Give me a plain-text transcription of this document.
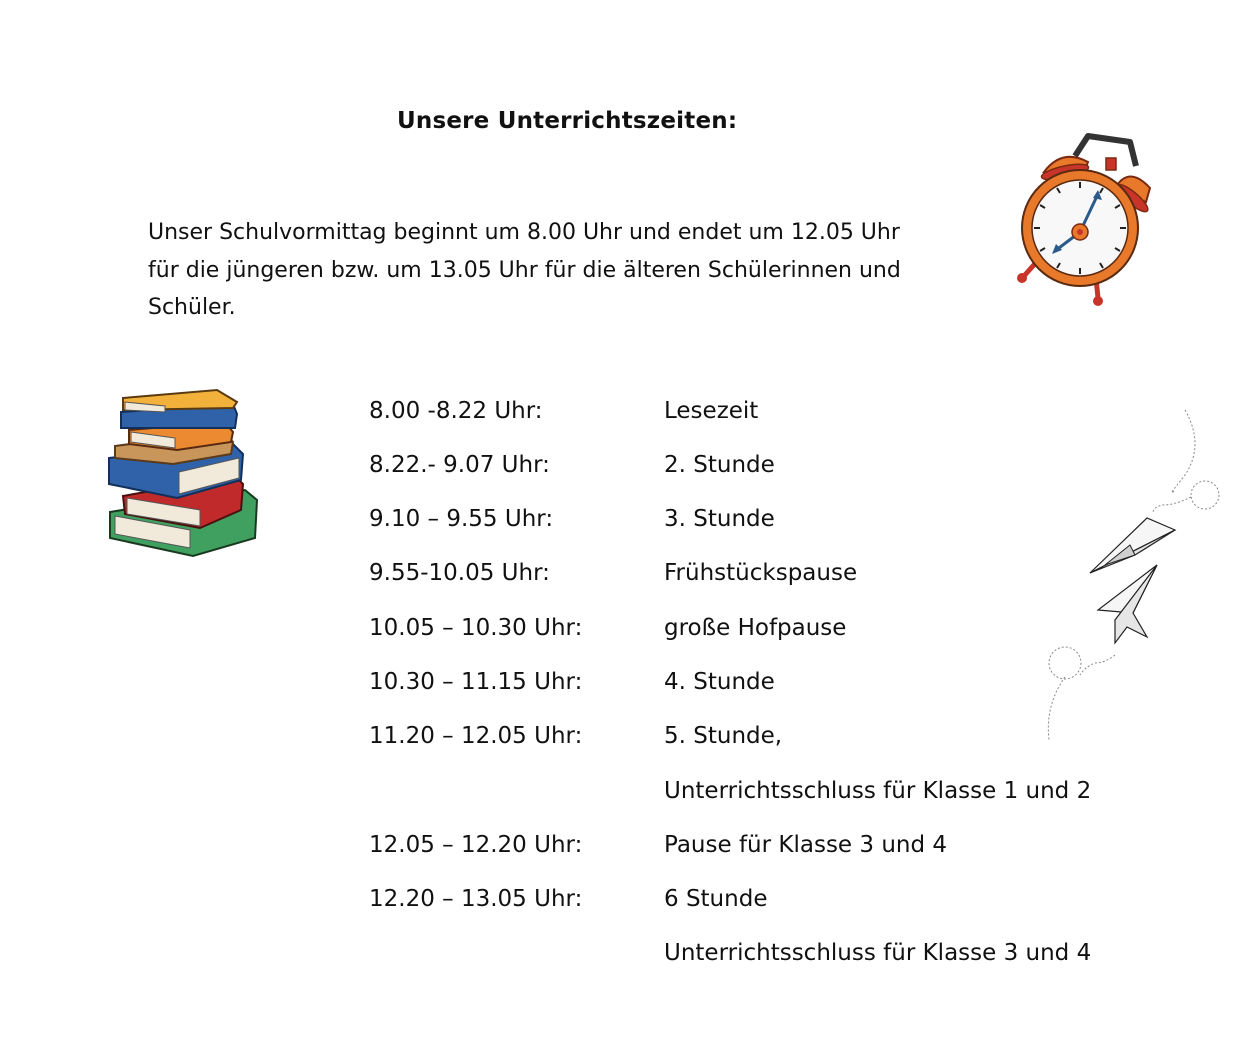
Unsere Unterrichtszeiten:
Unser Schulvormittag beginnt um 8.00 Uhr und endet um 12.05 Uhr
für die jüngeren bzw. um 13.05 Uhr für die älteren Schülerinnen und
Schüler.
8.00 -8.22 Uhr:	Lesezeit
8.22.- 9.07 Uhr:	2. Stunde
9.10 – 9.55 Uhr:	3. Stunde
9.55-10.05 Uhr:	Frühstückspause
10.05 – 10.30 Uhr:	große Hofpause
10.30 – 11.15 Uhr:	4. Stunde
11.20 – 12.05 Uhr:	5. Stunde,
Unterrichtsschluss für Klasse 1 und 2
12.05 – 12.20 Uhr:	Pause für Klasse 3 und 4
12.20 – 13.05 Uhr:	6 Stunde
Unterrichtsschluss für Klasse 3 und 4
